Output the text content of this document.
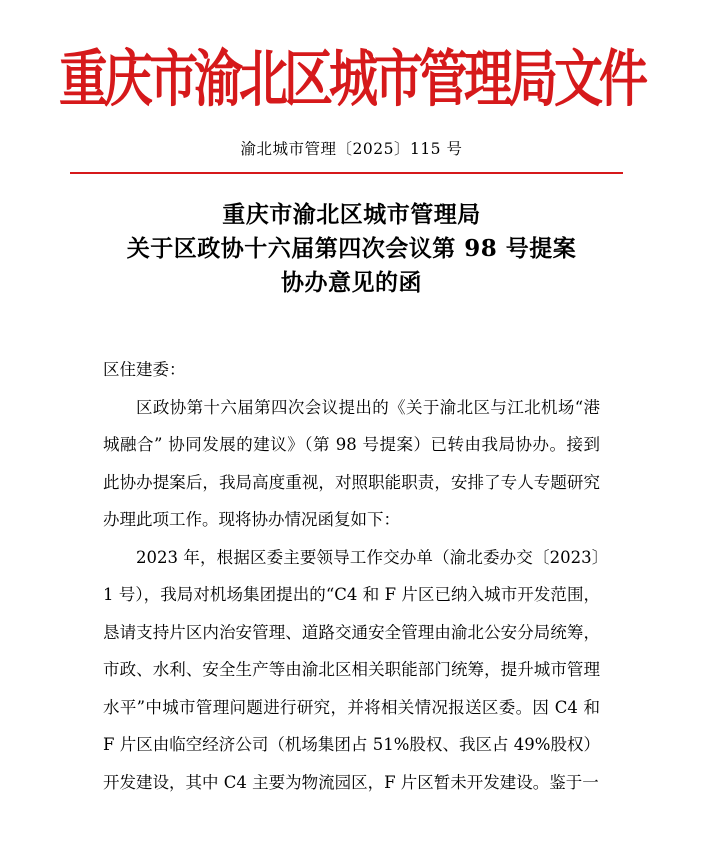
重庆市渝北区城市管理局文件
渝北城市管理〔2025〕115 号
重庆市渝北区城市管理局
关于区政协十六届第四次会议第 98 号提案
协办意见的函

区住建委：

区政协第十六届第四次会议提出的《关于渝北区与江北机场“港城融合” 协同发展的建议》（第 98 号提案）已转由我局协办。接到此协办提案后，我局高度重视，对照职能职责，安排了专人专题研究办理此项工作。现将协办情况函复如下：

2023 年，根据区委主要领导工作交办单（渝北委办交〔2023〕1 号），我局对机场集团提出的“C4 和 F 片区已纳入城市开发范围，恳请支持片区内治安管理、道路交通安全管理由渝北公安分局统筹，市政、水利、安全生产等由渝北区相关职能部门统筹，提升城市管理水平”中城市管理问题进行研究，并将相关情况报送区委。因 C4 和 F 片区由临空经济公司（机场集团占 51%股权、我区占 49%股权）开发建设，其中 C4 主要为物流园区，F 片区暂未开发建设。鉴于一
